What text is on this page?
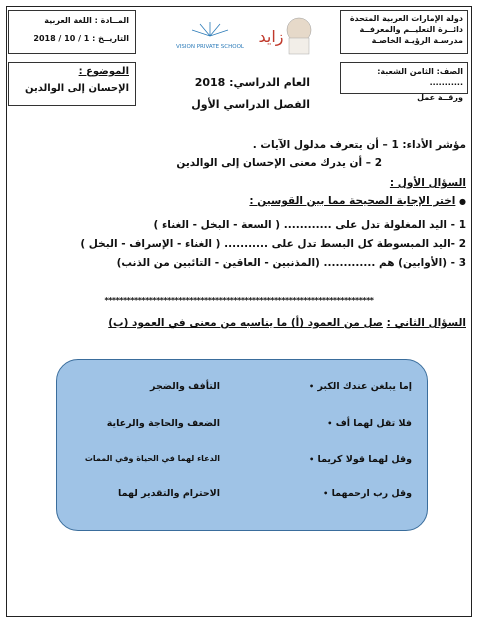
دولة الإمارات العربية المتحدة
دائــرة التعليــم والمعرفــة
مدرسـة الرؤيـة الخاصـة
المــادة : اللغة العربية
التاريــخ : 1 / 10 / 2018	زايد
VISION PRIVATE SCHOOL
الصف: الثامن الشعبة: ...........
ورقــة عمل
العام الدراسي: 2018
الفصل الدراسي الأول
الموضوع :
الإحسان إلى الوالدين
مؤشر الأداء: 1 – أن يتعرف مدلول الآيات .
2 – أن يدرك معنى الإحسان إلى الوالدين
السؤال الأول :
● اختر الإجابة الصحيحة مما بين القوسين :
1 - اليد المغلولة تدل على ............ ( السعة - البخل - الغناء )
2 -اليد المبسوطة كل البسط تدل على ........... ( الغناء - الإسراف - البخل )
3 - (الأوابين) هم ............. (المذنبين - العاقين - التائبين من الذنب)
*************************************************************************
السؤال الثاني : صل من العمود (أ) ما يناسبه من معنى في العمود (ب)
إما يبلغن عندك الكبر •
فلا تقل لهما أف •
وقل لهما قولا كريما •
وقل رب ارحمهما •
التأفف والضجر
الضعف والحاجة والرعاية
الدعاء لهما في الحياة وفي الممات
الاحترام والتقدير لهما
